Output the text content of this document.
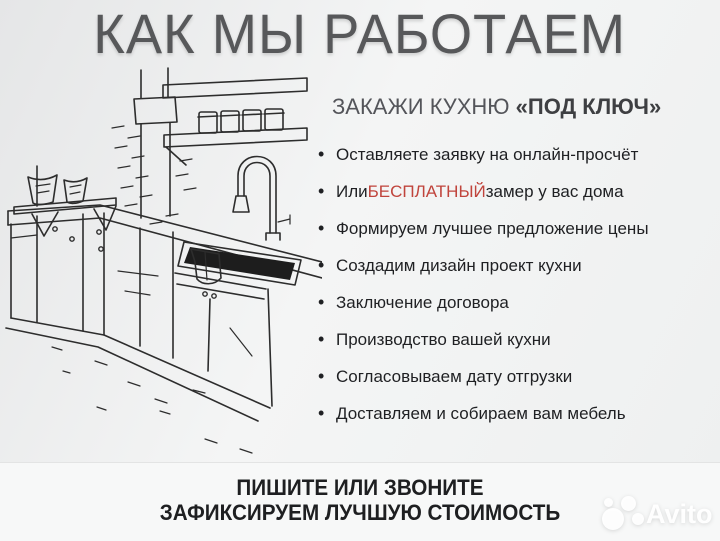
КАК МЫ РАБОТАЕМ
ЗАКАЖИ КУХНЮ «ПОД КЛЮЧ»
• Оставляете заявку на онлайн-просчёт
• Или БЕСПЛАТНЫЙ замер у вас дома
• Формируем лучшее предложение цены
• Создадим дизайн проект кухни
• Заключение договора
• Производство вашей кухни
• Согласовываем дату отгрузки
• Доставляем и собираем вам мебель
ПИШИТЕ ИЛИ ЗВОНИТЕ
ЗАФИКСИРУЕМ ЛУЧШУЮ СТОИМОСТЬ	Avito
